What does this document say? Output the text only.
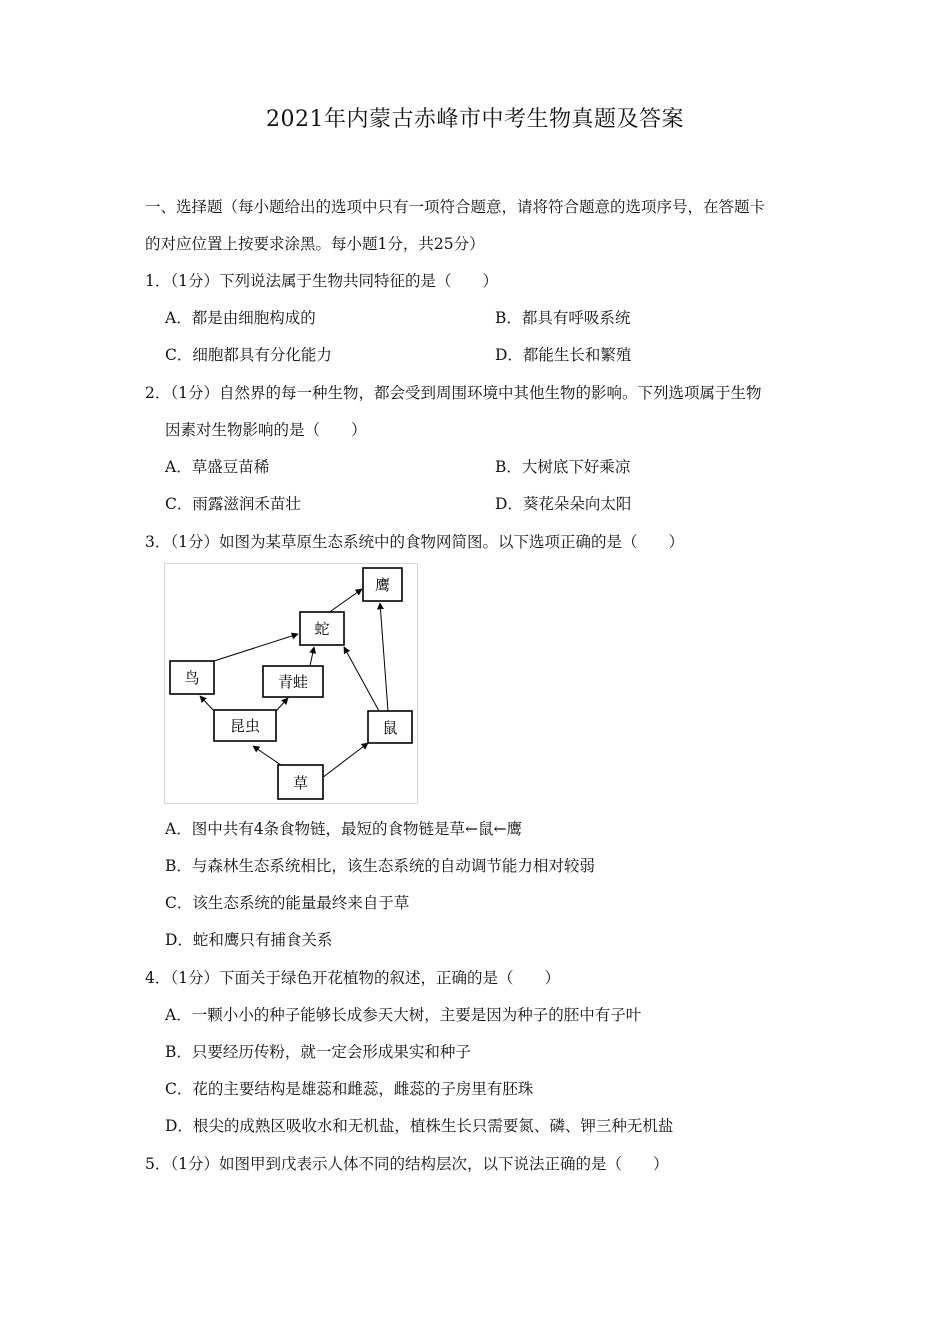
2021年内蒙古赤峰市中考生物真题及答案
一、选择题（每小题给出的选项中只有一项符合题意，请将符合题意的选项序号，在答题卡
的对应位置上按要求涂黑。每小题1分，共25分）
1．（1分）下列说法属于生物共同特征的是（　　）
A．都是由细胞构成的	B．都具有呼吸系统
C．细胞都具有分化能力	D．都能生长和繁殖
2．（1分）自然界的每一种生物，都会受到周围环境中其他生物的影响。下列选项属于生物
因素对生物影响的是（　　）
A．草盛豆苗稀	B．大树底下好乘凉
C．雨露滋润禾苗壮	D．葵花朵朵向太阳
3．（1分）如图为某草原生态系统中的食物网简图。以下选项正确的是（　　）
鹰
蛇
鸟	青蛙
昆虫	鼠
草
A．图中共有4条食物链，最短的食物链是草←鼠←鹰
B．与森林生态系统相比，该生态系统的自动调节能力相对较弱
C．该生态系统的能量最终来自于草
D．蛇和鹰只有捕食关系
4．（1分）下面关于绿色开花植物的叙述，正确的是（　　）
A．一颗小小的种子能够长成参天大树，主要是因为种子的胚中有子叶
B．只要经历传粉，就一定会形成果实和种子
C．花的主要结构是雄蕊和雌蕊，雌蕊的子房里有胚珠
D．根尖的成熟区吸收水和无机盐，植株生长只需要氮、磷、钾三种无机盐
5．（1分）如图甲到戊表示人体不同的结构层次，以下说法正确的是（　　）
